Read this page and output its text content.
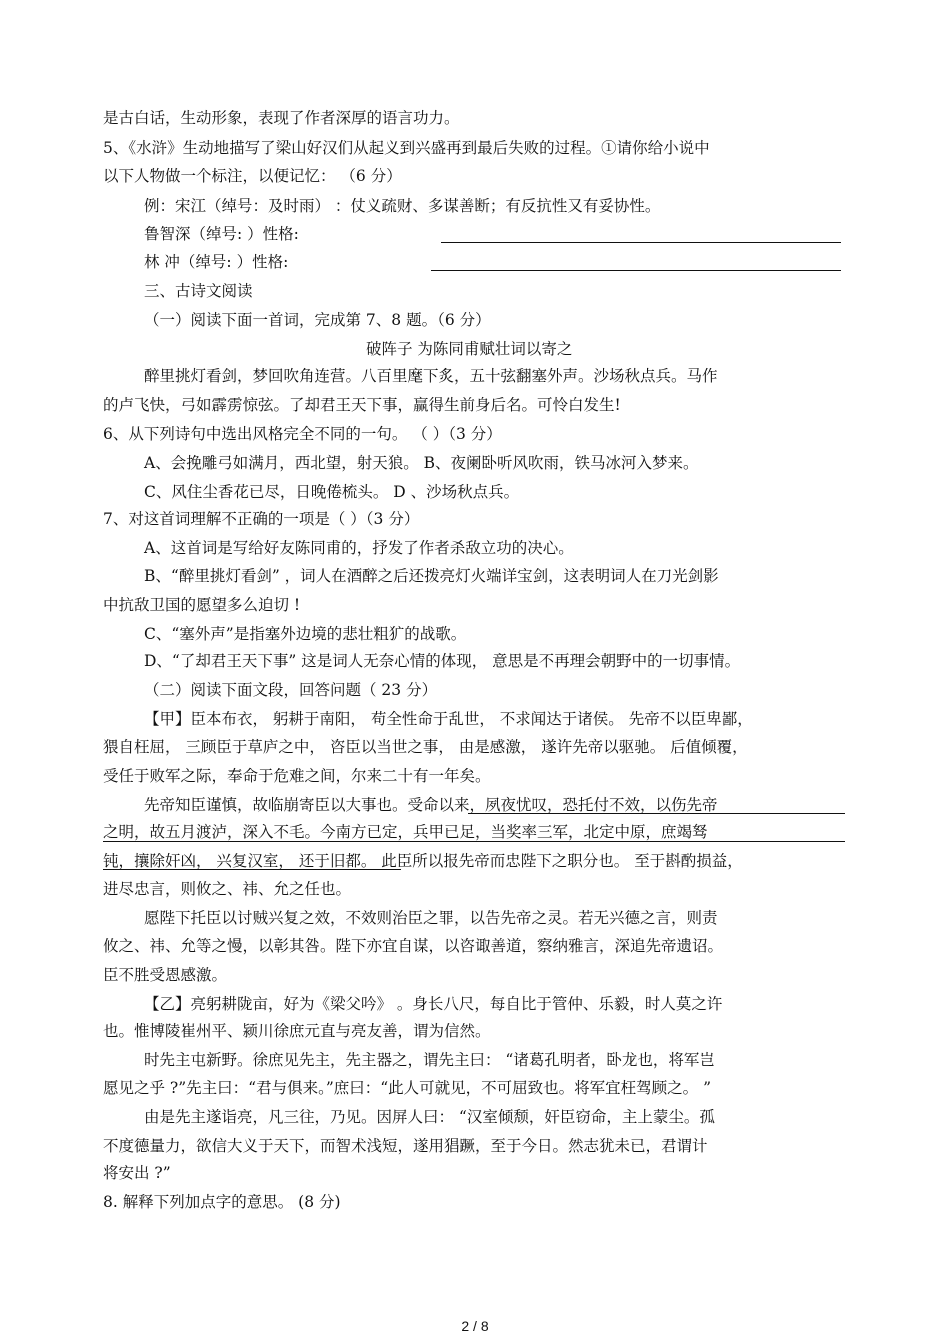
是古白话，生动形象，表现了作者深厚的语言功力。
5、《水浒》生动地描写了梁山好汉们从起义到兴盛再到最后失败的过程。①请你给小说中
以下人物做一个标注，以便记忆： （6 分）
例：宋江（绰号：及时雨） ：仗义疏财、多谋善断；有反抗性又有妥协性。
鲁智深（绰号: ）性格:
林 冲（绰号: ）性格:
三、古诗文阅读
（一）阅读下面一首词，完成第 7、8 题。（6 分）
破阵子 为陈同甫赋壮词以寄之
醉里挑灯看剑，梦回吹角连营。八百里麾下炙，五十弦翻塞外声。沙场秋点兵。马作
的卢飞快，弓如霹雳惊弦。了却君王天下事，赢得生前身后名。可怜白发生!
6、从下列诗句中选出风格完全不同的一句。 （ ）（3 分）
A、会挽雕弓如满月，西北望，射天狼。 B、夜阑卧听风吹雨，铁马冰河入梦来。
C、风住尘香花已尽，日晚倦梳头。 D 、沙场秋点兵。
7、对这首词理解不正确的一项是（ ）（3 分）
A、这首词是写给好友陈同甫的，抒发了作者杀敌立功的决心。
B、“醉里挑灯看剑” ，词人在酒醉之后还拨亮灯火端详宝剑，这表明词人在刀光剑影
中抗敌卫国的愿望多么迫切 !
C、“塞外声”是指塞外边境的悲壮粗犷的战歌。
D、“了却君王天下事” 这是词人无奈心情的体现， 意思是不再理会朝野中的一切事情。
（二）阅读下面文段，回答问题（ 23 分）
【甲】臣本布衣， 躬耕于南阳， 苟全性命于乱世， 不求闻达于诸侯。 先帝不以臣卑鄙，
猥自枉屈， 三顾臣于草庐之中， 咨臣以当世之事， 由是感激， 遂许先帝以驱驰。 后值倾覆，
受任于败军之际，奉命于危难之间，尔来二十有一年矣。
先帝知臣谨慎，故临崩寄臣以大事也。受命以来，夙夜忧叹，恐托付不效，以伤先帝
之明，故五月渡泸，深入不毛。今南方已定，兵甲已足，当奖率三军，北定中原，庶竭驽
钝，攘除奸凶， 兴复汉室， 还于旧都。 此臣所以报先帝而忠陛下之职分也。 至于斟酌损益，
进尽忠言，则攸之、祎、允之任也。
愿陛下托臣以讨贼兴复之效，不效则治臣之罪，以告先帝之灵。若无兴德之言，则责
攸之、祎、允等之慢，以彰其咎。陛下亦宜自谋，以咨诹善道，察纳雅言，深追先帝遗诏。
臣不胜受恩感激。
【乙】亮躬耕陇亩，好为《梁父吟》 。身长八尺，每自比于管仲、乐毅，时人莫之许
也。惟博陵崔州平、颍川徐庶元直与亮友善，谓为信然。
时先主屯新野。徐庶见先主，先主器之，谓先主曰： “诸葛孔明者，卧龙也，将军岂
愿见之乎 ?”先主曰：“君与俱来。”庶曰：“此人可就见，不可屈致也。将军宜枉驾顾之。 ”
由是先主遂诣亮，凡三往，乃见。因屏人曰： “汉室倾颓，奸臣窃命，主上蒙尘。孤
不度德量力，欲信大义于天下，而智术浅短，遂用猖蹶，至于今日。然志犹未已，君谓计
将安出 ?”
8. 解释下列加点字的意思。 (8 分)
2 / 8
